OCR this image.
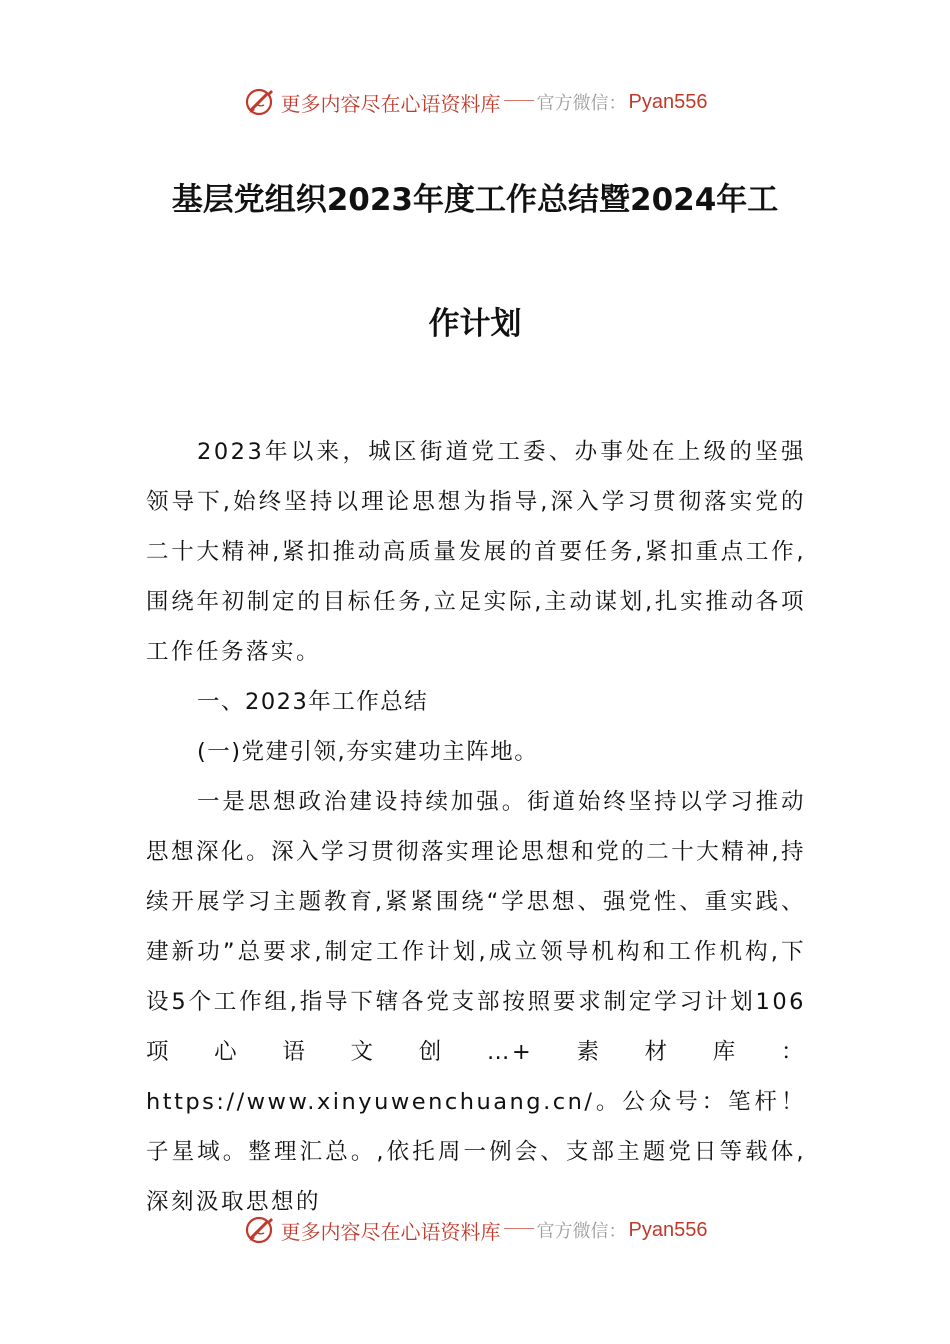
更多内容尽在心语资料库 官方微信： Pyan556
基层党组织2023年度工作总结暨2024年工
作计划

2023年以来，城区街道党工委、办事处在上级的坚强领导下,始终坚持以理论思想为指导,深入学习贯彻落实党的二十大精神,紧扣推动高质量发展的首要任务,紧扣重点工作,围绕年初制定的目标任务,立足实际,主动谋划,扎实推动各项工作任务落实。

一、2023年工作总结

(一)党建引领,夯实建功主阵地。

一是思想政治建设持续加强。街道始终坚持以学习推动思想深化。深入学习贯彻落实理论思想和党的二十大精神,持续开展学习主题教育,紧紧围绕“学思想、强党性、重实践、建新功”总要求,制定工作计划,成立领导机构和工作机构,下设5个工作组,指导下辖各党支部按照要求制定学习计划106项心语文创…+素材库：https://www.xinyuwenchuang.cn/。公众号：笔杆！子星域。整理汇总。,依托周一例会、支部主题党日等载体,深刻汲取思想的

更多内容尽在心语资料库 官方微信： Pyan556
